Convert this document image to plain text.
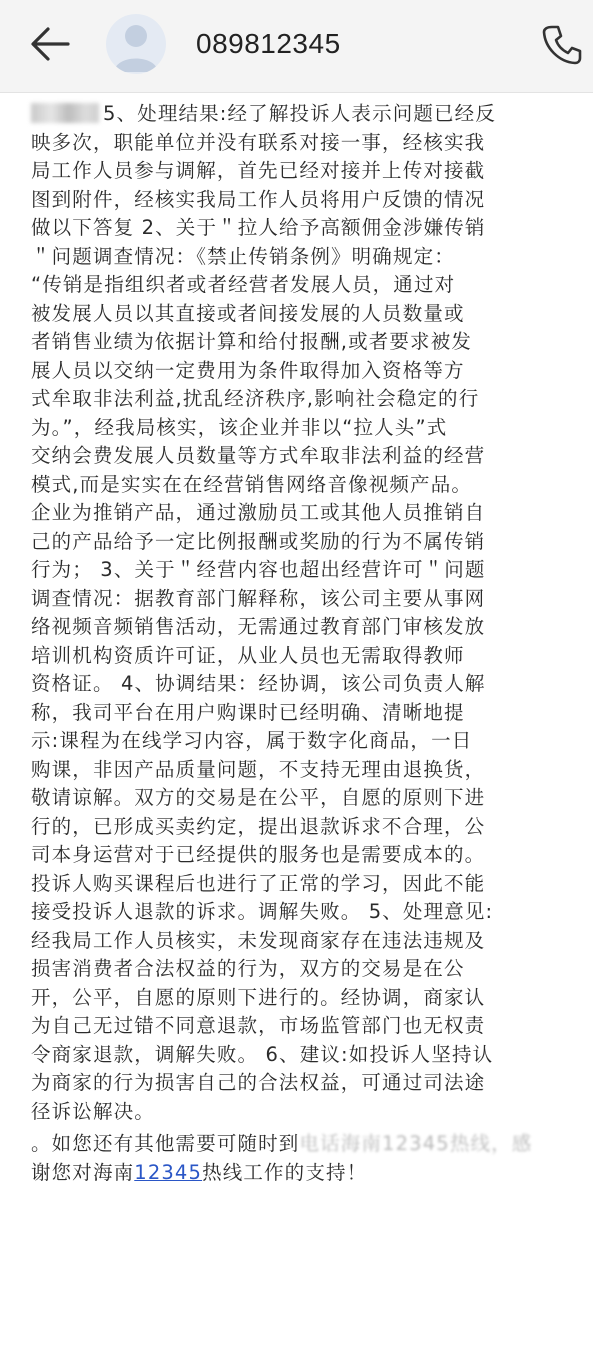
089812345
5、处理结果:经了解投诉人表示问题已经反
映多次，职能单位并没有联系对接一事，经核实我
局工作人员参与调解，首先已经对接并上传对接截
图到附件，经核实我局工作人员将用户反馈的情况
做以下答复 2、关于＂拉人给予高额佣金涉嫌传销
＂问题调查情况：《禁止传销条例》明确规定：
“传销是指组织者或者经营者发展人员，通过对
被发展人员以其直接或者间接发展的人员数量或
者销售业绩为依据计算和给付报酬,或者要求被发
展人员以交纳一定费用为条件取得加入资格等方
式牟取非法利益,扰乱经济秩序,影响社会稳定的行
为。”，经我局核实，该企业并非以“拉人头”式
交纳会费发展人员数量等方式牟取非法利益的经营
模式,而是实实在在经营销售网络音像视频产品。
企业为推销产品，通过激励员工或其他人员推销自
己的产品给予一定比例报酬或奖励的行为不属传销
行为； 3、关于＂经营内容也超出经营许可＂问题
调查情况：据教育部门解释称，该公司主要从事网
络视频音频销售活动，无需通过教育部门审核发放
培训机构资质许可证，从业人员也无需取得教师
资格证。 4、协调结果：经协调，该公司负责人解
称，我司平台在用户购课时已经明确、清晰地提
示:课程为在线学习内容，属于数字化商品，一日
购课，非因产品质量问题，不支持无理由退换货，
敬请谅解。双方的交易是在公平，自愿的原则下进
行的，已形成买卖约定，提出退款诉求不合理，公
司本身运营对于已经提供的服务也是需要成本的。
投诉人购买课程后也进行了正常的学习，因此不能
接受投诉人退款的诉求。调解失败。 5、处理意见:
经我局工作人员核实，未发现商家存在违法违规及
损害消费者合法权益的行为，双方的交易是在公
开，公平，自愿的原则下进行的。经协调，商家认
为自己无过错不同意退款，市场监管部门也无权责
令商家退款，调解失败。 6、建议:如投诉人坚持认
为商家的行为损害自己的合法权益，可通过司法途
径诉讼解决。
。如您还有其他需要可随时到电话海南12345热线，感
谢您对海南12345热线工作的支持！
